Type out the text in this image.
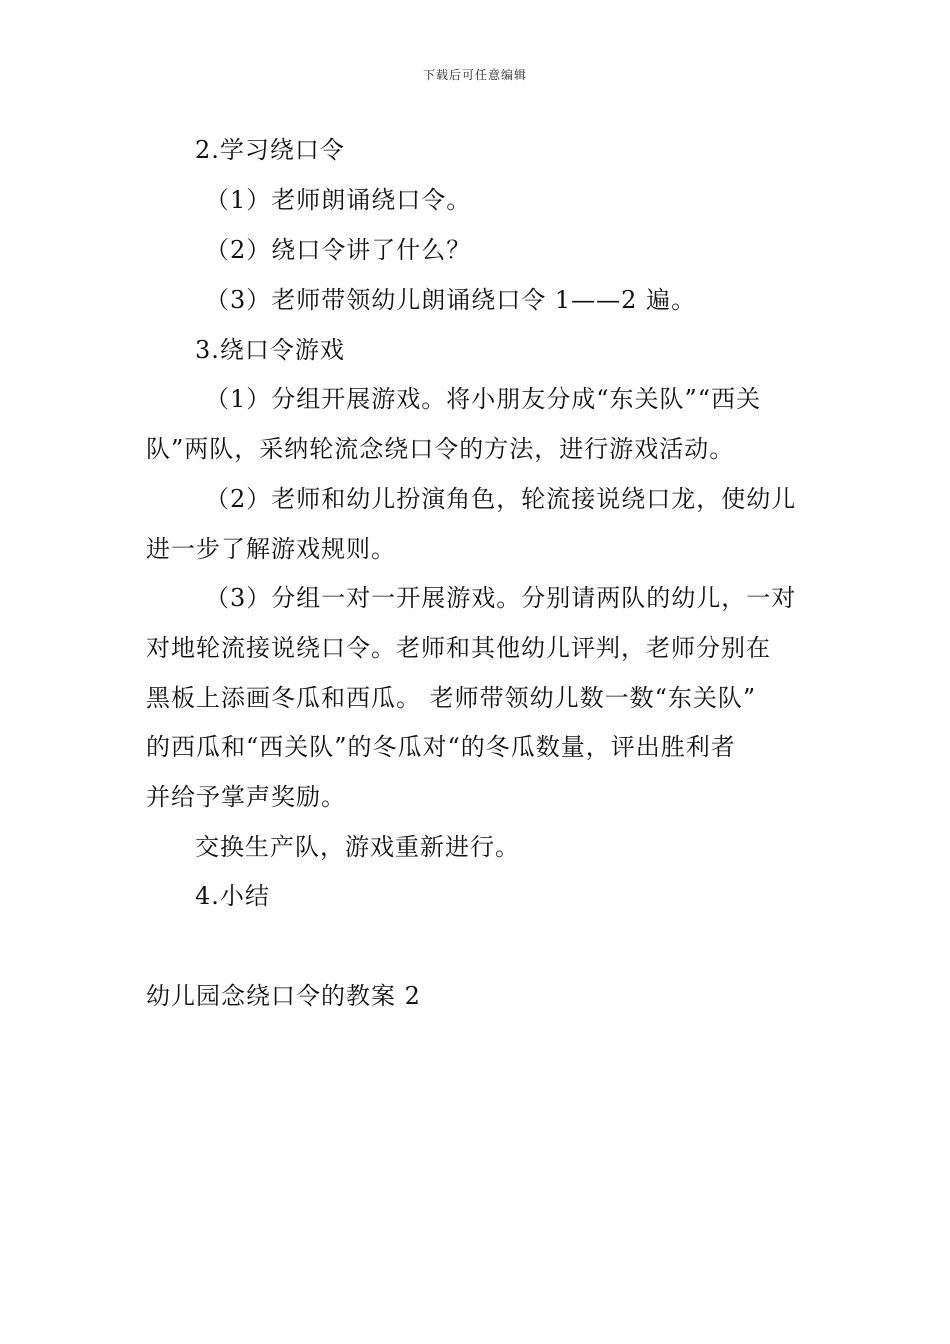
下载后可任意编辑
2.学习绕口令
（1）老师朗诵绕口令。
（2）绕口令讲了什么？
（3）老师带领幼儿朗诵绕口令 1——2 遍。
3.绕口令游戏
（1）分组开展游戏。将小朋友分成“东关队”“西关
队”两队，采纳轮流念绕口令的方法，进行游戏活动。
（2）老师和幼儿扮演角色，轮流接说绕口龙，使幼儿
进一步了解游戏规则。
（3）分组一对一开展游戏。分别请两队的幼儿，一对
对地轮流接说绕口令。老师和其他幼儿评判，老师分别在
黑板上添画冬瓜和西瓜。 老师带领幼儿数一数“东关队”
的西瓜和“西关队”的冬瓜对“的冬瓜数量，评出胜利者
并给予掌声奖励。
交换生产队，游戏重新进行。
4.小结
幼儿园念绕口令的教案 2
